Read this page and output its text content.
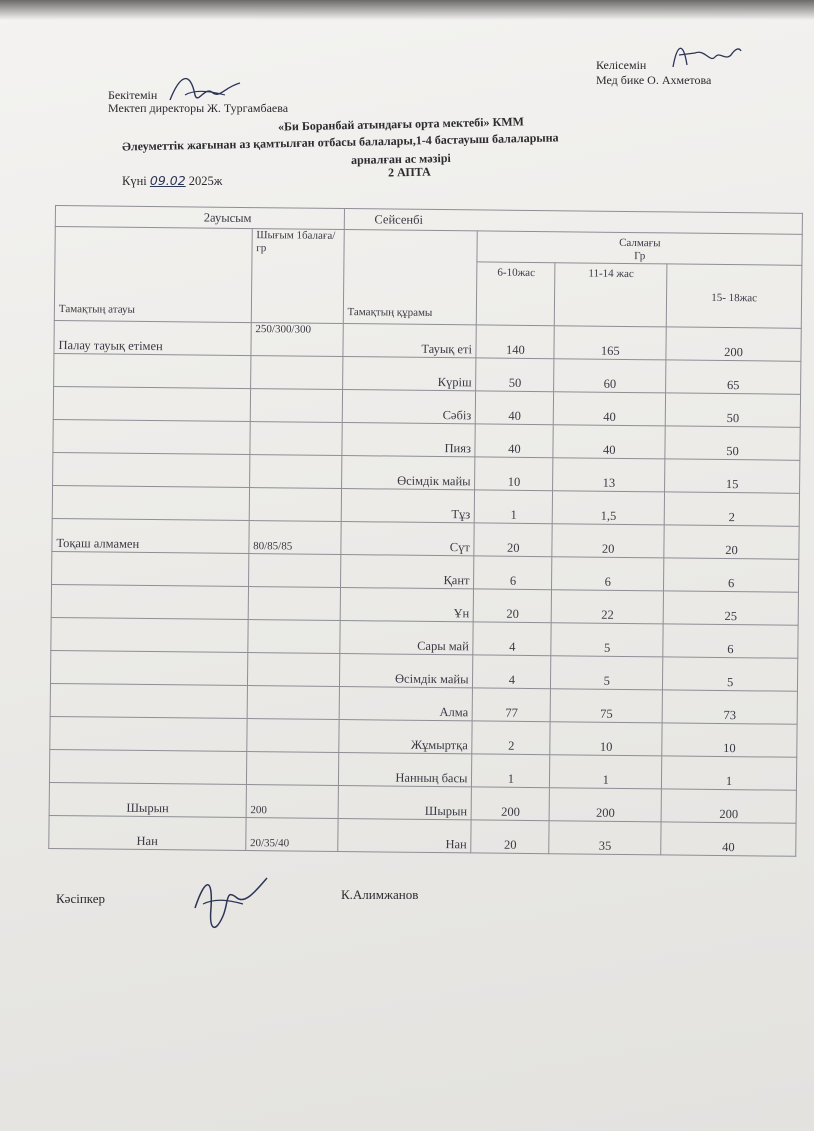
Бекітемін
Мектеп директоры Ж. Тургамбаева
Келісемін
Мед бике О. Ахметова
«Би Боранбай атындағы орта мектебі» КММ
Әлеуметтік жағынан аз қамтылған отбасы балалары,1-4 бастауыш балаларына
арналған ас мәзірі
2 АПТА
Күні 09.02 2025ж
2ауысым		Сейсенбі			
Тамақтың атауы	Шығым 1балаға/гр	Тамақтың құрамы	Салмағы
Гр		

			6-10жас	11-14 жас	15- 18жас
Палау тауық етімен	250/300/300	Тауық еті	140	165	200
		Күріш	50	60	65
		Сәбіз	40	40	50
		Пияз	40	40	50
		Өсімдік майы	10	13	15
		Тұз	1	1,5	2
Тоқаш алмамен	80/85/85	Сүт	20	20	20
		Қант	6	6	6
		Ұн	20	22	25
		Сары май	4	5	6
		Өсімдік майы	4	5	5
		Алма	77	75	73
		Жұмыртқа	2	10	10
		Нанның басы	1	1	1
Шырын	200	Шырын	200	200	200
Нан	20/35/40	Нан	20	35	40
Кәсіпкер	К.Алимжанов
